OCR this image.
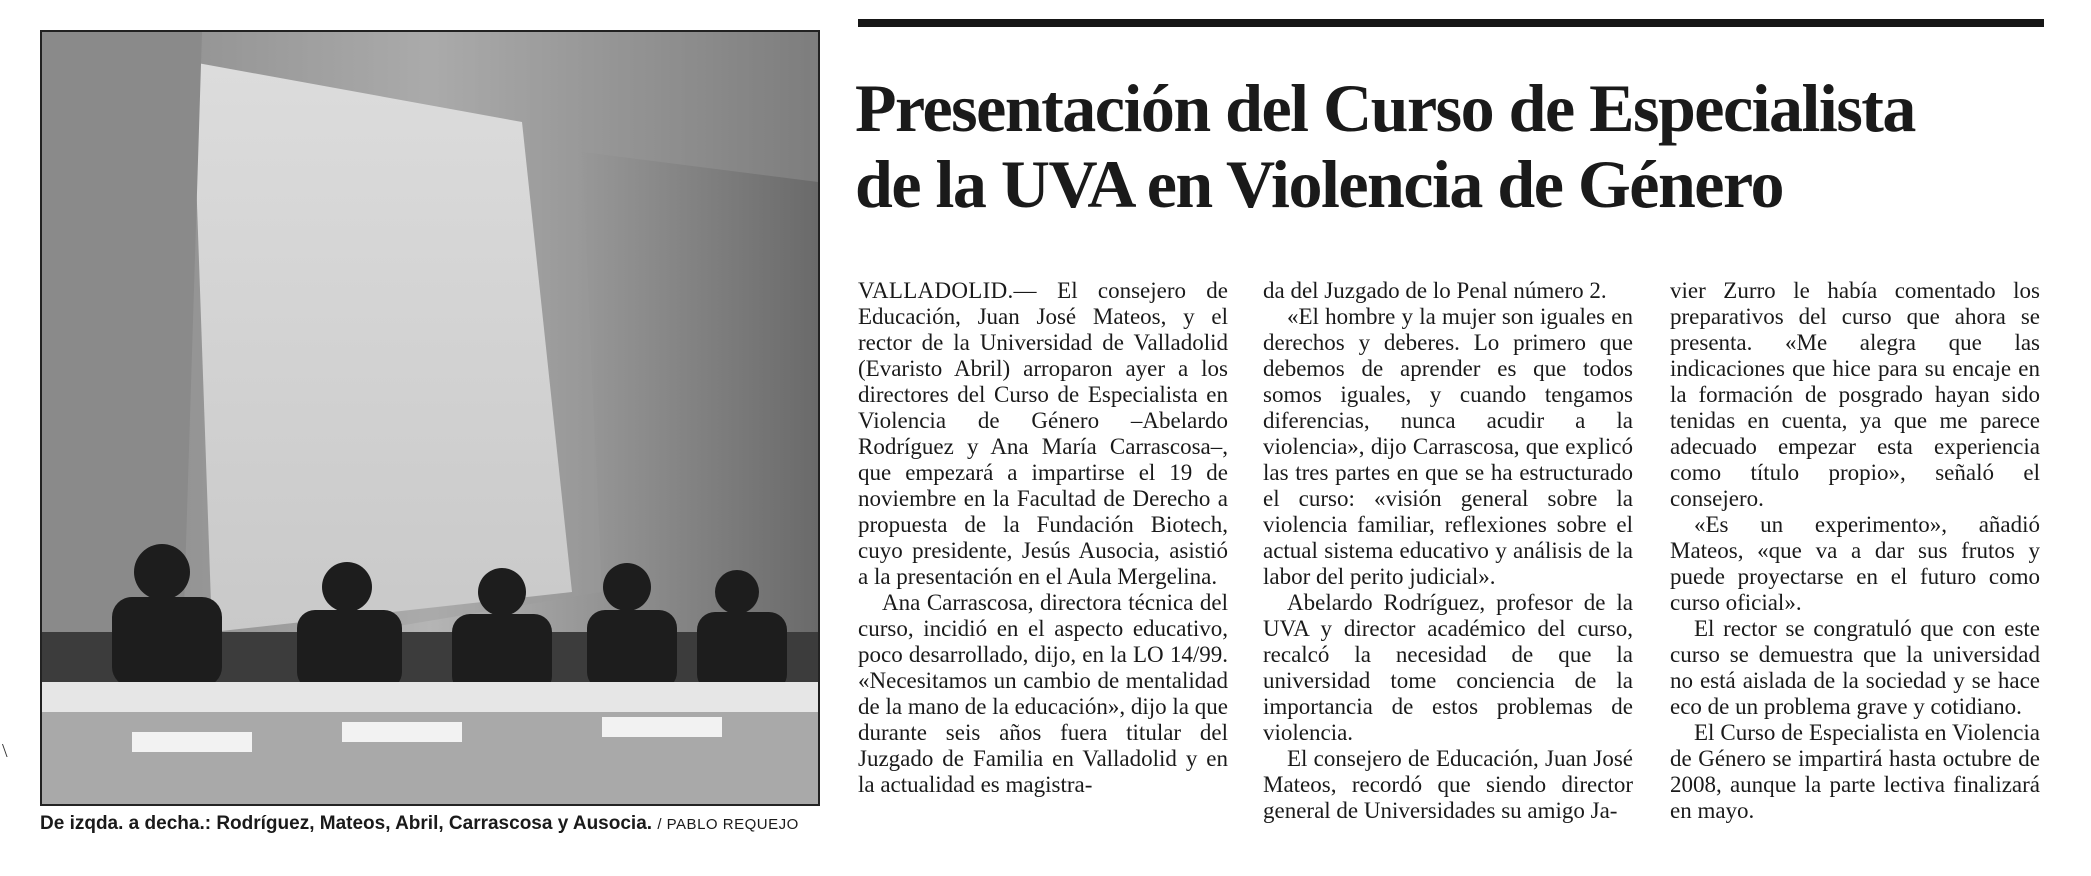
\
De izqda. a decha.: Rodríguez, Mateos, Abril, Carrascosa y Ausocia. / PABLO REQUEJO
Presentación del Curso de Especialista
de la UVA en Violencia de Género

VALLADOLID.— El consejero de Educación, Juan José Mateos, y el rector de la Universidad de Valladolid (Evaristo Abril) arroparon ayer a los directores del Curso de Especialista en Violencia de Género –Abelardo Rodríguez y Ana María Carrascosa–, que empezará a impartirse el 19 de noviembre en la Facultad de Derecho a propuesta de la Fundación Biotech, cuyo presidente, Jesús Ausocia, asistió a la presentación en el Aula Mergelina.

Ana Carrascosa, directora técnica del curso, incidió en el aspecto educativo, poco desarrollado, dijo, en la LO 14/99. «Necesitamos un cambio de mentalidad de la mano de la educación», dijo la que durante seis años fuera titular del Juzgado de Familia en Valladolid y en la actualidad es magistra-

da del Juzgado de lo Penal número 2.

«El hombre y la mujer son iguales en derechos y deberes. Lo primero que debemos de aprender es que todos somos iguales, y cuando tengamos diferencias, nunca acudir a la violencia», dijo Carrascosa, que explicó las tres partes en que se ha estructurado el curso: «visión general sobre la violencia familiar, reflexiones sobre el actual sistema educativo y análisis de la labor del perito judicial».

Abelardo Rodríguez, profesor de la UVA y director académico del curso, recalcó la necesidad de que la universidad tome conciencia de la importancia de estos problemas de violencia.

El consejero de Educación, Juan José Mateos, recordó que siendo director general de Universidades su amigo Ja-

vier Zurro le había comentado los preparativos del curso que ahora se presenta. «Me alegra que las indicaciones que hice para su encaje en la formación de posgrado hayan sido tenidas en cuenta, ya que me parece adecuado empezar esta experiencia como título propio», señaló el consejero.

«Es un experimento», añadió Mateos, «que va a dar sus frutos y puede proyectarse en el futuro como curso oficial».

El rector se congratuló que con este curso se demuestra que la universidad no está aislada de la sociedad y se hace eco de un problema grave y cotidiano.

El Curso de Especialista en Violencia de Género se impartirá hasta octubre de 2008, aunque la parte lectiva finalizará en mayo.
